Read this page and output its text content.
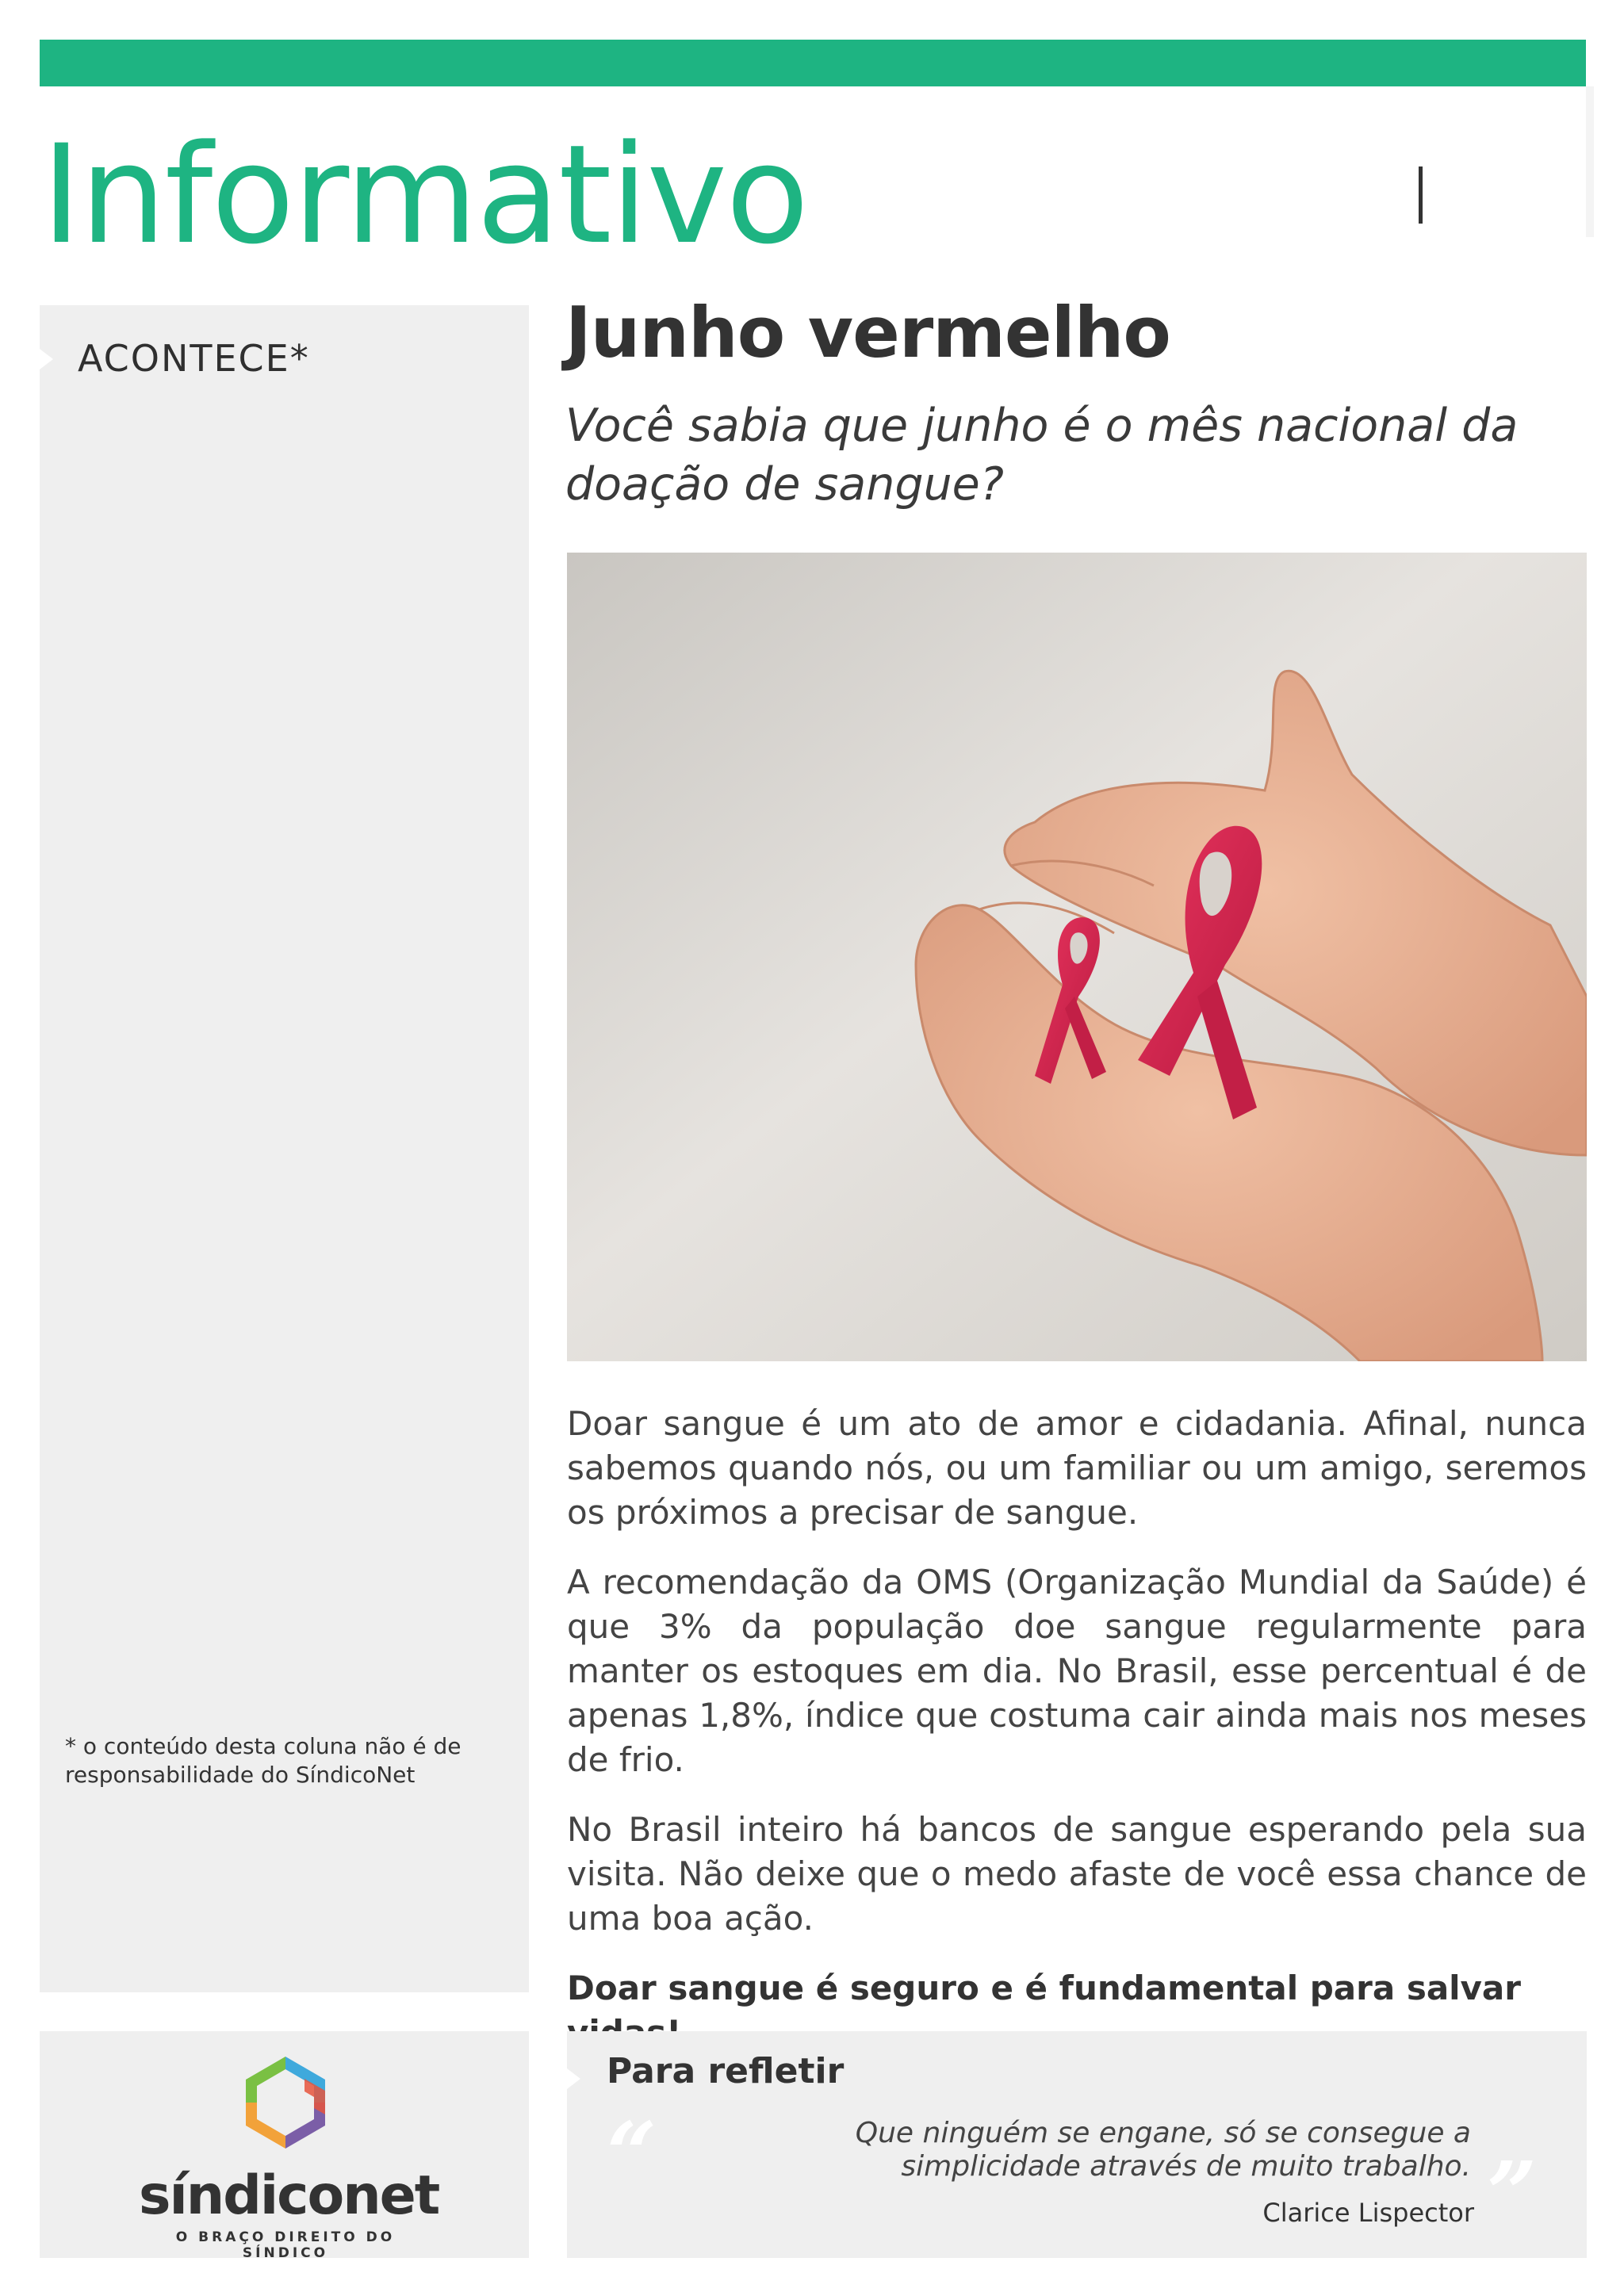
Informativo
ACONTECE*
* o conteúdo desta coluna não é de responsabilidade do SíndicoNet
Junho vermelho
Você sabia que junho é o mês nacional da doação de sangue?

Doar sangue é um ato de amor e cidadania. Afinal, nunca sabemos quando nós, ou um familiar ou um amigo, seremos os próximos a precisar de sangue.

A recomendação da OMS (Organização Mundial da Saúde) é que 3% da população doe sangue regularmente para manter os estoques em dia. No Brasil, esse percentual é de apenas 1,8%, índice que costuma cair ainda mais nos meses de frio.

No Brasil inteiro há bancos de sangue esperando pela sua visita. Não deixe que o medo afaste de você essa chance de uma boa ação.

Doar sangue é seguro e é fundamental para salvar

síndiconet
O BRAÇO DIREITO DO SÍNDICO
Para refletir
“	Que ninguém se engane, só se consegue a simplicidade através de muito trabalho. ”
Clarice Lispector
